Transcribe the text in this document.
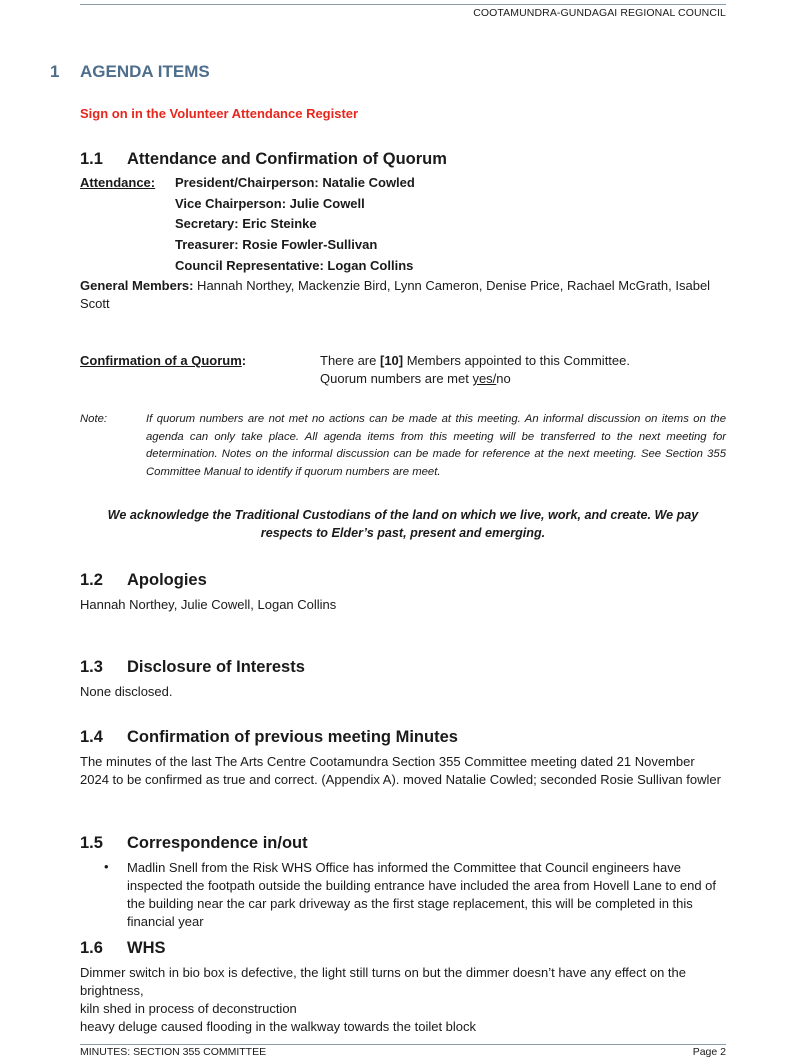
COOTAMUNDRA-GUNDAGAI REGIONAL COUNCIL
1 AGENDA ITEMS
Sign on in the Volunteer Attendance Register
1.1 Attendance and Confirmation of Quorum
Attendance: President/Chairperson: Natalie Cowled
Vice Chairperson: Julie Cowell
Secretary: Eric Steinke
Treasurer: Rosie Fowler-Sullivan
Council Representative: Logan Collins
General Members: Hannah Northey, Mackenzie Bird, Lynn Cameron, Denise Price, Rachael McGrath, Isabel Scott
Confirmation of a Quorum:	There are [10] Members appointed to this Committee.
Quorum numbers are met yes/no
Note:	If quorum numbers are not met no actions can be made at this meeting. An informal discussion on items on the agenda can only take place. All agenda items from this meeting will be transferred to the next meeting for determination. Notes on the informal discussion can be made for reference at the next meeting. See Section 355 Committee Manual to identify if quorum numbers are meet.
We acknowledge the Traditional Custodians of the land on which we live, work, and create. We pay
respects to Elder’s past, present and emerging.
1.2 Apologies
Hannah Northey, Julie Cowell, Logan Collins
1.3 Disclosure of Interests
None disclosed.
1.4 Confirmation of previous meeting Minutes
The minutes of the last The Arts Centre Cootamundra Section 355 Committee meeting dated 21 November 2024 to be confirmed as true and correct. (Appendix A). moved Natalie Cowled; seconded Rosie Sullivan fowler
1.5 Correspondence in/out
• Madlin Snell from the Risk WHS Office has informed the Committee that Council engineers have inspected the footpath outside the building entrance have included the area from Hovell Lane to end of the building near the car park driveway as the first stage replacement, this will be completed in this financial year
1.6 WHS
Dimmer switch in bio box is defective, the light still turns on but the dimmer doesn’t have any effect on the brightness,
kiln shed in process of deconstruction
heavy deluge caused flooding in the walkway towards the toilet block
MINUTES: SECTION 355 COMMITTEE	Page 2
